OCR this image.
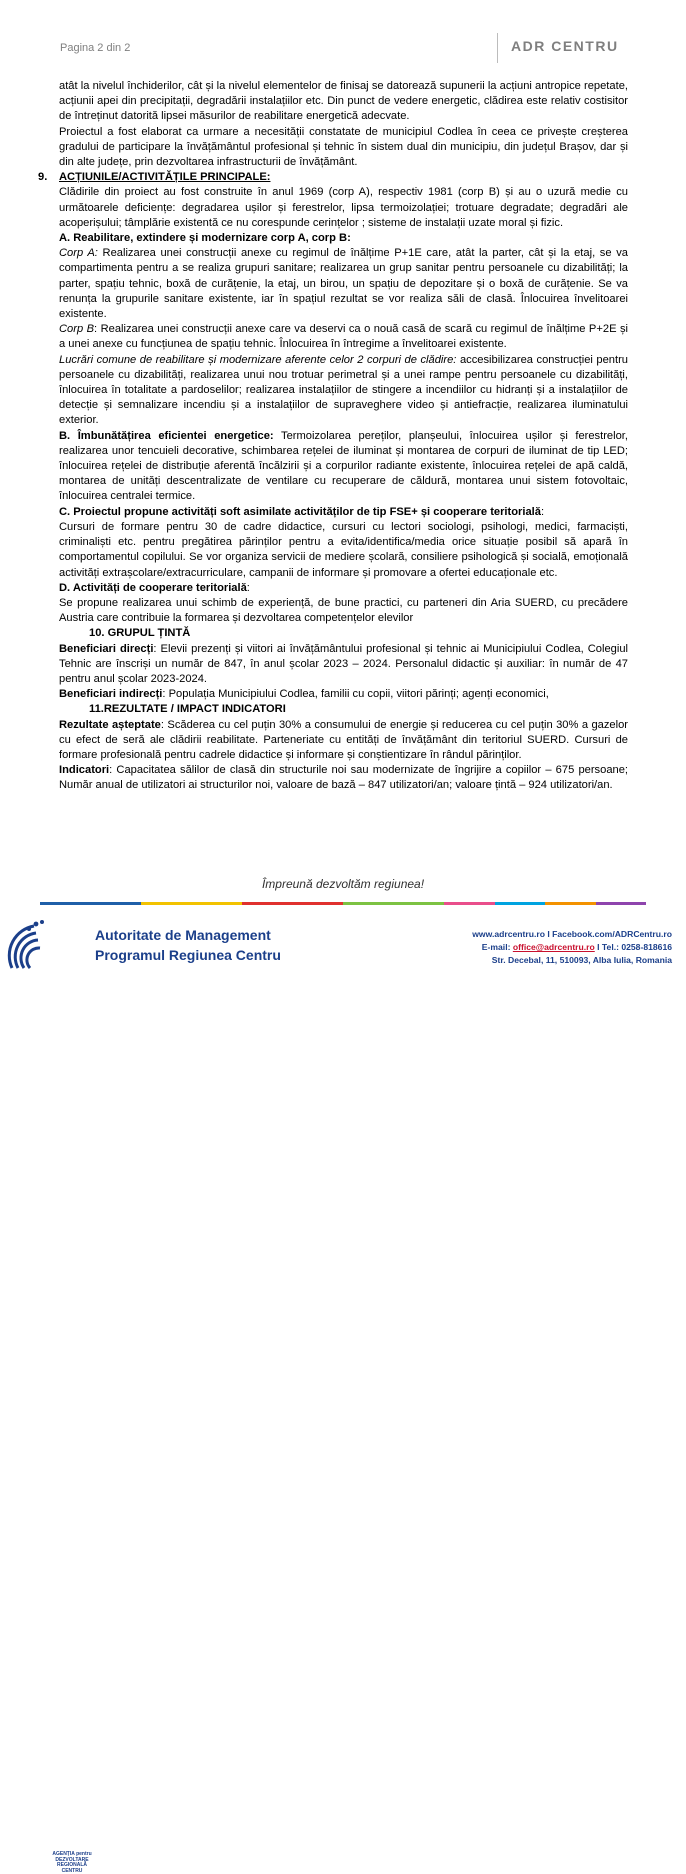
Pagina 2 din 2	ADR CENTRU

atât la nivelul închiderilor, cât și la nivelul elementelor de finisaj se datorează supunerii la acțiuni antropice repetate, acțiunii apei din precipitații, degradării instalațiilor etc. Din punct de vedere energetic, clădirea este relativ costisitor de întreținut datorită lipsei măsurilor de reabilitare energetică adecvate.

Proiectul a fost elaborat ca urmare a necesității constatate de municipiul Codlea în ceea ce privește creșterea gradului de participare la învățământul profesional și tehnic în sistem dual din municipiu, din județul Brașov, dar și din alte județe, prin dezvoltarea infrastructurii de învățământ.

9.	ACȚIUNILE/ACTIVITĂȚILE PRINCIPALE:

Clădirile din proiect au fost construite în anul 1969 (corp A), respectiv 1981 (corp B) și au o uzură medie cu următoarele deficiențe: degradarea ușilor și ferestrelor, lipsa termoizolației; trotuare degradate; degradări ale acoperișului; tâmplărie existentă ce nu corespunde cerințelor ; sisteme de instalații uzate moral și fizic.

A. Reabilitare, extindere și modernizare corp A, corp B:

Corp A: Realizarea unei construcții anexe cu regimul de înălțime P+1E care, atât la parter, cât și la etaj, se va compartimenta pentru a se realiza grupuri sanitare; realizarea un grup sanitar pentru persoanele cu dizabilități; la parter, spațiu tehnic, boxă de curățenie, la etaj, un birou, un spațiu de depozitare și o boxă de curățenie. Se va renunța la grupurile sanitare existente, iar în spațiul rezultat se vor realiza săli de clasă. Înlocuirea învelitoarei existente.

Corp B: Realizarea unei construcții anexe care va deservi ca o nouă casă de scară cu regimul de înălțime P+2E și a unei anexe cu funcțiunea de spațiu tehnic. Înlocuirea în întregime a învelitoarei existente.

Lucrări comune de reabilitare și modernizare aferente celor 2 corpuri de clădire: accesibilizarea construcției pentru persoanele cu dizabilități, realizarea unui nou trotuar perimetral și a unei rampe pentru persoanele cu dizabilități, înlocuirea în totalitate a pardoselilor; realizarea instalațiilor de stingere a incendiilor cu hidranți și a instalațiilor de detecție și semnalizare incendiu și a instalațiilor de supraveghere video și antiefracție, realizarea iluminatului exterior.

B. Îmbunătățirea eficientei energetice: Termoizolarea pereților, planșeului, înlocuirea ușilor și ferestrelor, realizarea unor tencuieli decorative, schimbarea rețelei de iluminat și montarea de corpuri de iluminat de tip LED; înlocuirea rețelei de distribuție aferentă încălzirii și a corpurilor radiante existente, înlocuirea rețelei de apă caldă, montarea de unități descentralizate de ventilare cu recuperare de căldură, montarea unui sistem fotovoltaic, înlocuirea centralei termice.

C. Proiectul propune activități soft asimilate activităților de tip FSE+ și cooperare teritorială:

Cursuri de formare pentru 30 de cadre didactice, cursuri cu lectori sociologi, psihologi, medici, farmaciști, criminaliști etc. pentru pregătirea părinților pentru a evita/identifica/media orice situație posibil să apară în comportamentul copilului. Se vor organiza servicii de mediere școlară, consiliere psihologică și socială, emoțională activități extrașcolare/extracurriculare, campanii de informare și promovare a ofertei educaționale etc.

D. Activități de cooperare teritorială:

Se propune realizarea unui schimb de experiență, de bune practici, cu parteneri din Aria SUERD, cu precădere Austria care contribuie la formarea și dezvoltarea competențelor elevilor

10. GRUPUL ȚINTĂ

Beneficiari direcți: Elevii prezenți și viitori ai învățământului profesional și tehnic ai Municipiului Codlea, Colegiul Tehnic are înscriși un număr de 847, în anul școlar 2023 – 2024. Personalul didactic și auxiliar: în număr de 47 pentru anul școlar 2023-2024.

Beneficiari indirecți: Populația Municipiului Codlea, familii cu copii, viitori părinți; agenți economici,

11.REZULTATE / IMPACT INDICATORI

Rezultate așteptate: Scăderea cu cel puțin 30% a consumului de energie și reducerea cu cel puțin 30% a gazelor cu efect de seră ale clădirii reabilitate. Parteneriate cu entități de învățământ din teritoriul SUERD. Cursuri de formare profesională pentru cadrele didactice și informare și conștientizare în rândul părinților.

Indicatori: Capacitatea sălilor de clasă din structurile noi sau modernizate de îngrijire a copiilor – 675 persoane; Număr anual de utilizatori ai structurilor noi, valoare de bază – 847 utilizatori/an; valoare țintă – 924 utilizatori/an.

Împreună dezvoltăm regiunea!
AGENȚIA pentru
DEZVOLTARE
REGIONALĂ
CENTRU
Autoritate de Management
Programul Regiunea Centru
www.adrcentru.ro I Facebook.com/ADRCentru.ro
E-mail: office@adrcentru.ro I Tel.: 0258-818616
Str. Decebal, 11, 510093, Alba Iulia, Romania
